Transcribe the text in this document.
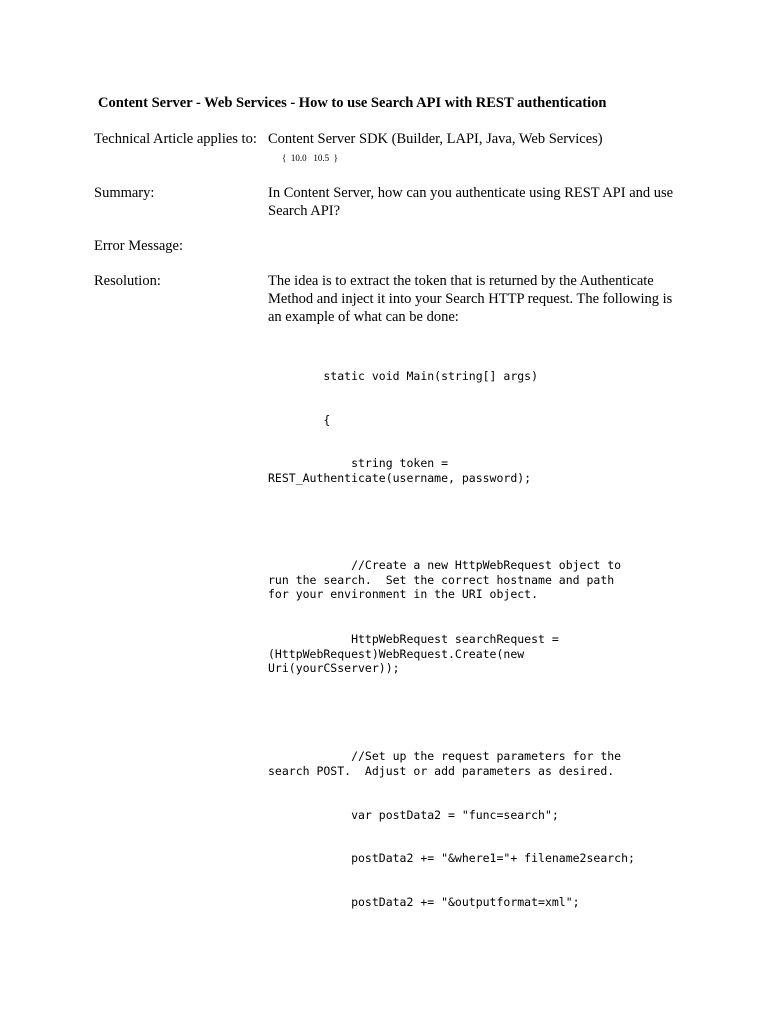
Content Server - Web Services - How to use Search API with REST authentication
Technical Article applies to: Content Server SDK (Builder, LAPI, Java, Web Services)
{  10.0   10.5  }
Summary:	In Content Server, how can you authenticate using REST API and use Search API?
Error Message:
Resolution:	The idea is to extract the token that is returned by the Authenticate Method and inject it into your Search HTTP request. The following is an example of what can be done:
static void Main(string[] args)
{
string token =
REST_Authenticate(username, password);
//Create a new HttpWebRequest object to
run the search.  Set the correct hostname and path
for your environment in the URI object.
HttpWebRequest searchRequest =
(HttpWebRequest)WebRequest.Create(new
Uri(yourCSserver));
//Set up the request parameters for the
search POST.  Adjust or add parameters as desired.
var postData2 = "func=search";
postData2 += "&where1="+ filename2search;
postData2 += "&outputformat=xml";
